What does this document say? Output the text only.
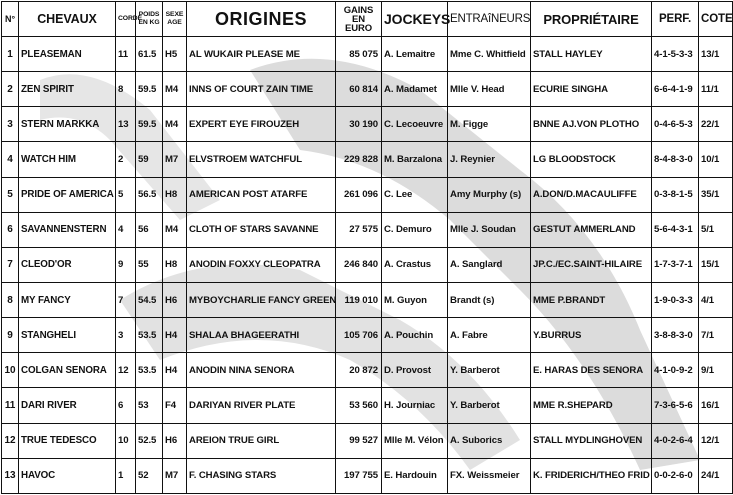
N°	CHEVAUX	CORDE	POIDS EN KG	SEXE AGE	ORIGINES	GAINS EN EURO	JOCKEYS	ENTRAîNEURS	PROPRIÉTAIRE	PERF.	COTE
1	PLEASEMAN	11	61.5	H5	AL WUKAIR PLEASE ME	85 075	A. Lemaitre	Mme C. Whitfield	STALL HAYLEY	4-1-5-3-3	13/1
2	ZEN SPIRIT	8	59.5	M4	INNS OF COURT ZAIN TIME	60 814	A. Madamet	Mlle V. Head	ECURIE SINGHA	6-6-4-1-9	11/1
3	STERN MARKKA	13	59.5	M4	EXPERT EYE FIROUZEH	30 190	C. Lecoeuvre	M. Figge	BNNE AJ.VON PLOTHO	0-4-6-5-3	22/1
4	WATCH HIM	2	59	M7	ELVSTROEM WATCHFUL	229 828	M. Barzalona	J. Reynier	LG BLOODSTOCK	8-4-8-3-0	10/1
5	PRIDE OF AMERICA	5	56.5	H8	AMERICAN POST ATARFE	261 096	C. Lee	Amy Murphy (s)	A.DON/D.MACAULIFFE	0-3-8-1-5	35/1
6	SAVANNENSTERN	4	56	M4	CLOTH OF STARS SAVANNE	27 575	C. Demuro	Mlle J. Soudan	GESTUT AMMERLAND	5-6-4-3-1	5/1
7	CLEOD'OR	9	55	H8	ANODIN FOXXY CLEOPATRA	246 840	A. Crastus	A. Sanglard	JP.C./EC.SAINT-HILAIRE	1-7-3-7-1	15/1
8	MY FANCY	7	54.5	H6	MYBOYCHARLIE FANCY GREEN	119 010	M. Guyon	Brandt (s)	MME P.BRANDT	1-9-0-3-3	4/1
9	STANGHELI	3	53.5	H4	SHALAA BHAGEERATHI	105 706	A. Pouchin	A. Fabre	Y.BURRUS	3-8-8-3-0	7/1
10	COLGAN SENORA	12	53.5	H4	ANODIN NINA SENORA	20 872	D. Provost	Y. Barberot	E. HARAS DES SENORA	4-1-0-9-2	9/1
11	DARI RIVER	6	53	F4	DARIYAN RIVER PLATE	53 560	H. Journiac	Y. Barberot	MME R.SHEPARD	7-3-6-5-6	16/1
12	TRUE TEDESCO	10	52.5	H6	AREION TRUE GIRL	99 527	Mlle M. Vélon	A. Suborics	STALL MYDLINGHOVEN	4-0-2-6-4	12/1
13	HAVOC	1	52	M7	F. CHASING STARS	197 755	E. Hardouin	FX. Weissmeier	K. FRIDERICH/THEO FRID	0-0-2-6-0	24/1
